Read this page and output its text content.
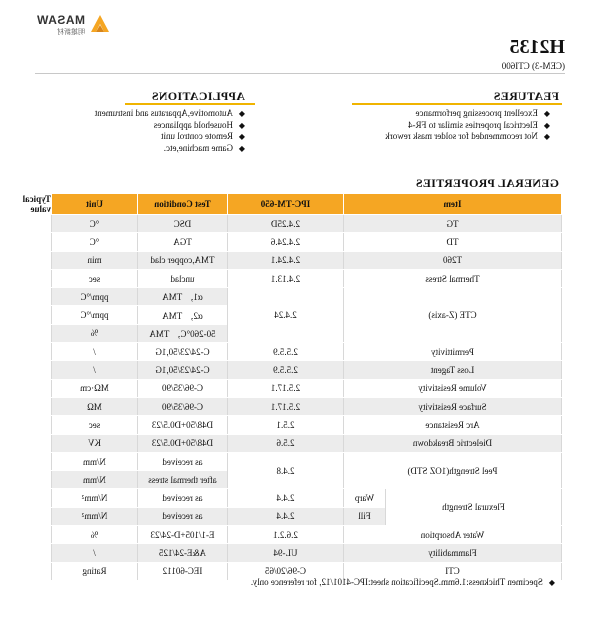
MASAW
明雄新材
H2135
(CEM-3) CTI600
FEATURES
◆ Excellent processing performance
◆ Electrical properties similar to FR-4
◆ Not recommended for solder mask rework
APPLICATIONS
◆ Automotive,Apparatus and instrument
◆ Household appliances
◆ Remote control unit
◆ Game machine,etc.
GENERAL PROPERTIES
Item		IPC-TM-650	Test Condition	Unit	Typical value
TG		2.4.25D	DSC	°C	
TD		2.4.24.6	TGA	°C	
T260		2.4.24.1	TMA,copper clad	min	
Thermal Stress		2.4.13.1	unclad	sec	
CTE (Z-axis)		2.4.24	α1， TMA	ppm/°C	
			α2， TMA	ppm/°C	
			50-260°C， TMA	%	
Permittivity		2.5.5.9	C-24/23/50,1G	/	
Loss Tagent		2.5.5.9	C-24/23/50,1G	/	
Volume Resistivity		2.5.17.1	C-96/35/90	MΩ·cm	
Surface Resistivity		2.5.17.1	C-96/35/90	MΩ	
Arc Resistance		2.5.1	D48/50+D0.5/23	sec	
Dielectric Breakdown		2.5.6	D48/50+D0.5/23	KV	
Peel Strength(1OZ STD)		2.4.8	as received	N/mm	
			after thermal stress	N/mm	
Flexural Strength	Warp	2.4.4	as received	N/mm²	
	Fill	2.4.4	as received	N/mm²	
Water Absorption		2.6.2.1	E-1/105+D-24/23	%	
Flammability		UL-94	A&E-24/125	/	
CTI		C-96/20/65	IEC-60112	Rating	
◆ Specimen Thickness:1.6mm.Specification sheet:IPC-4101/12, for reference only.
